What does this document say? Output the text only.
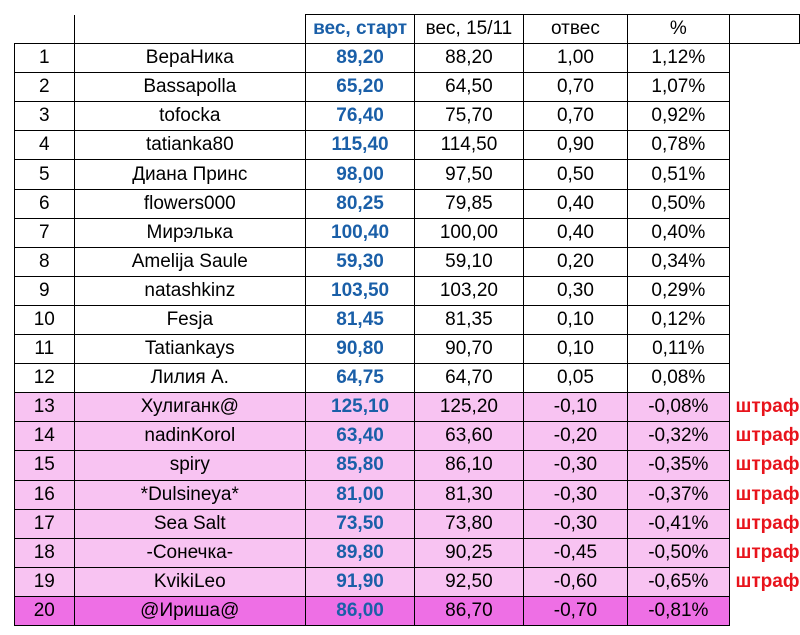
		вес, старт	вес, 15/11	отвес	%	
1	ВераНика	89,20	88,20	1,00	1,12%	
2	Bassapolla	65,20	64,50	0,70	1,07%	
3	tofocka	76,40	75,70	0,70	0,92%	
4	tatianka80	115,40	114,50	0,90	0,78%	
5	Диана Принс	98,00	97,50	0,50	0,51%	
6	flowers000	80,25	79,85	0,40	0,50%	
7	Мирэлька	100,40	100,00	0,40	0,40%	
8	Amelija Saule	59,30	59,10	0,20	0,34%	
9	natashkinz	103,50	103,20	0,30	0,29%	
10	Fesja	81,45	81,35	0,10	0,12%	
11	Tatiankays	90,80	90,70	0,10	0,11%	
12	Лилия А.	64,75	64,70	0,05	0,08%	
13	Хулиганк@	125,10	125,20	-0,10	-0,08%	штраф
14	nadinKorol	63,40	63,60	-0,20	-0,32%	штраф
15	spiry	85,80	86,10	-0,30	-0,35%	штраф
16	*Dulsineya*	81,00	81,30	-0,30	-0,37%	штраф
17	Sea Salt	73,50	73,80	-0,30	-0,41%	штраф
18	-Сонечка-	89,80	90,25	-0,45	-0,50%	штраф
19	KvikiLeo	91,90	92,50	-0,60	-0,65%	штраф
20	@Ириша@	86,00	86,70	-0,70	-0,81%	
